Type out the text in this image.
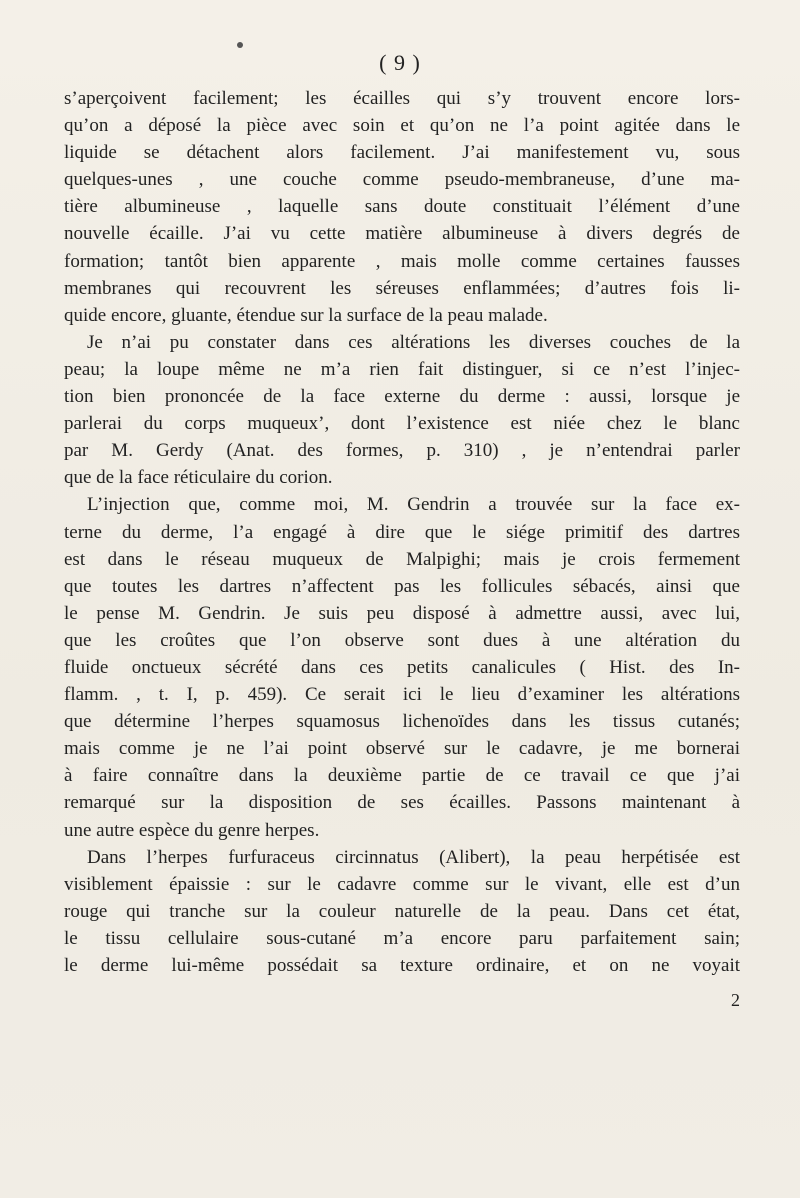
( 9 )
s’aperçoivent facilement; les écailles qui s’y trouvent encore lors-
qu’on a déposé la pièce avec soin et qu’on ne l’a point agitée dans le
liquide se détachent alors facilement. J’ai manifestement vu, sous
quelques-unes , une couche comme pseudo-membraneuse, d’une ma-
tière albumineuse , laquelle sans doute constituait l’élément d’une
nouvelle écaille. J’ai vu cette matière albumineuse à divers degrés de
formation; tantôt bien apparente , mais molle comme certaines fausses
membranes qui recouvrent les séreuses enflammées; d’autres fois li-
quide encore, gluante, étendue sur la surface de la peau malade.
Je n’ai pu constater dans ces altérations les diverses couches de la
peau; la loupe même ne m’a rien fait distinguer, si ce n’est l’injec-
tion bien prononcée de la face externe du derme : aussi, lorsque je
parlerai du corps muqueux’, dont l’existence est niée chez le blanc
par M. Gerdy (Anat. des formes, p. 310) , je n’entendrai parler
que de la face réticulaire du corion.
L’injection que, comme moi, M. Gendrin a trouvée sur la face ex-
terne du derme, l’a engagé à dire que le siége primitif des dartres
est dans le réseau muqueux de Malpighi; mais je crois fermement
que toutes les dartres n’affectent pas les follicules sébacés, ainsi que
le pense M. Gendrin. Je suis peu disposé à admettre aussi, avec lui,
que les croûtes que l’on observe sont dues à une altération du
fluide onctueux sécrété dans ces petits canalicules ( Hist. des In-
flamm. , t. I, p. 459). Ce serait ici le lieu d’examiner les altérations
que détermine l’herpes squamosus lichenoïdes dans les tissus cutanés;
mais comme je ne l’ai point observé sur le cadavre, je me bornerai
à faire connaître dans la deuxième partie de ce travail ce que j’ai
remarqué sur la disposition de ses écailles. Passons maintenant à
une autre espèce du genre herpes.
Dans l’herpes furfuraceus circinnatus (Alibert), la peau herpétisée est
visiblement épaissie : sur le cadavre comme sur le vivant, elle est d’un
rouge qui tranche sur la couleur naturelle de la peau. Dans cet état,
le tissu cellulaire sous-cutané m’a encore paru parfaitement sain;
le derme lui-même possédait sa texture ordinaire, et on ne voyait
2
